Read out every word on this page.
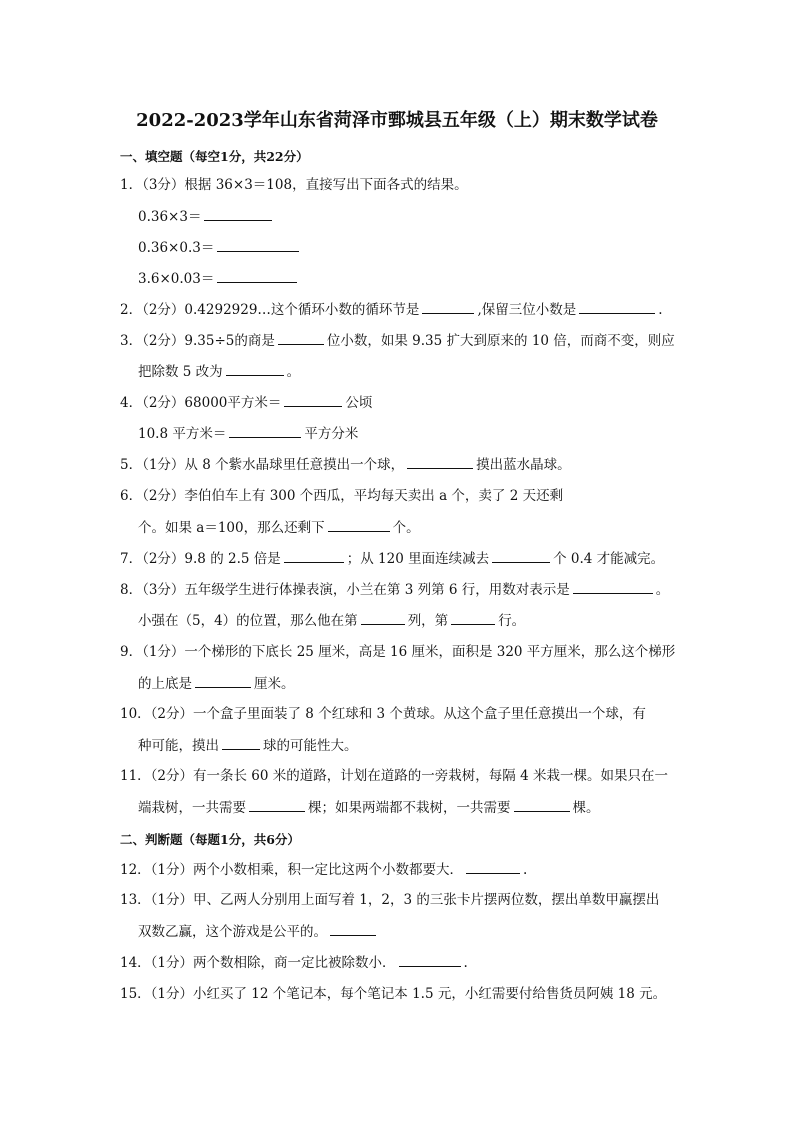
2022-2023学年山东省菏泽市鄄城县五年级（上）期末数学试卷
一、填空题（每空1分，共22分）
1．（3分）根据 36×3＝108，直接写出下面各式的结果。
0.36×3＝
0.36×0.3＝
3.6×0.03＝
2．（2分）0.4292929…这个循环小数的循环节是	,保留三位小数是	.
3．（2分）9.35÷5的商是	位小数，如果 9.35 扩大到原来的 10 倍，而商不变，则应
把除数 5 改为	。
4．（2分）68000平方米＝	公顷
10.8 平方米＝	平方分米
5．（1分）从 8 个紫水晶球里任意摸出一个球，	摸出蓝水晶球。
6．（2分）李伯伯车上有 300 个西瓜，平均每天卖出 a 个，卖了 2 天还剩
个。如果 a＝100，那么还剩下	个。
7．（2分）9.8 的 2.5 倍是	；从 120 里面连续减去	个 0.4 才能减完。
8．（3分）五年级学生进行体操表演，小兰在第 3 列第 6 行，用数对表示是	。
小强在（5，4）的位置，那么他在第	列，第	行。
9．（1分）一个梯形的下底长 25 厘米，高是 16 厘米，面积是 320 平方厘米，那么这个梯形
的上底是	厘米。
10．（2分）一个盒子里面装了 8 个红球和 3 个黄球。从这个盒子里任意摸出一个球，有
种可能，摸出	球的可能性大。
11．（2分）有一条长 60 米的道路，计划在道路的一旁栽树，每隔 4 米栽一棵。如果只在一
端栽树，一共需要	棵；如果两端都不栽树，一共需要	棵。
二、判断题（每题1分，共6分）
12．（1分）两个小数相乘，积一定比这两个小数都要大．	.
13．（1分）甲、乙两人分别用上面写着 1，2，3 的三张卡片摆两位数，摆出单数甲赢摆出
双数乙赢，这个游戏是公平的。
14．（1分）两个数相除，商一定比被除数小．	.
15．（1分）小红买了 12 个笔记本，每个笔记本 1.5 元，小红需要付给售货员阿姨 18 元。
